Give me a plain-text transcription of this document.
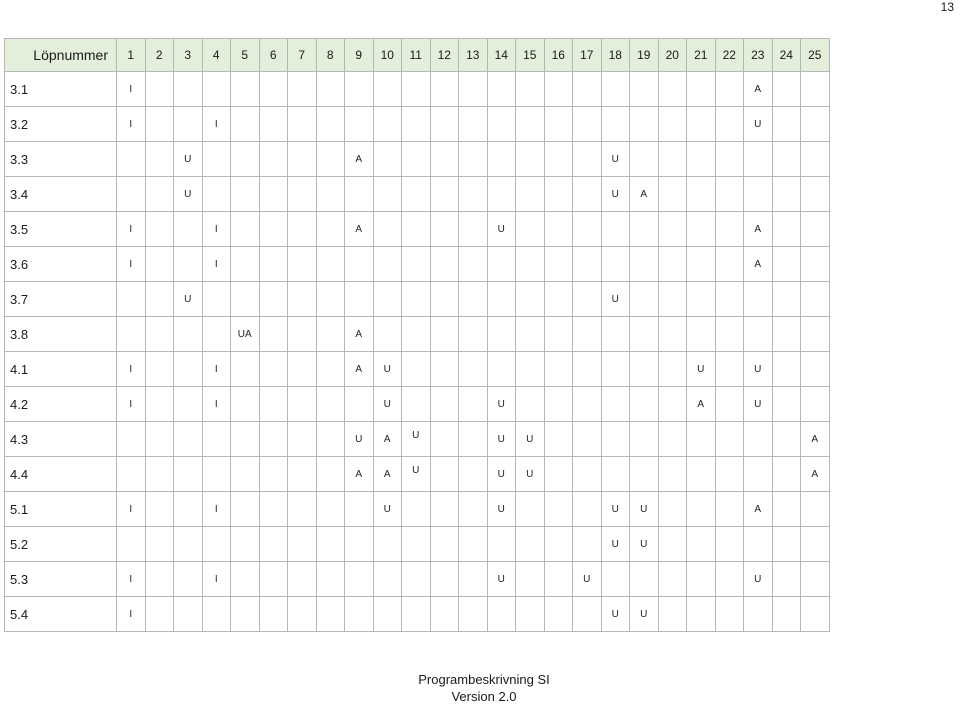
13
Löpnummer	1	2	3	4	5	6	7	8	9	10	11	12	13	14	15	16	17	18	19	20	21	22	23	24	25
3.1	I																						A		
3.2	I			I																			U		
3.3			U						A									U							
3.4			U															U	A						
3.5	I			I					A					U									A		
3.6	I			I																			A		
3.7			U															U							
3.8					UA				A																
4.1	I			I					A	U											U		U		
4.2	I			I						U				U							A		U		
4.3									U	A	U			U	U										A
4.4									A	A	U			U	U										A
5.1	I			I						U				U				U	U				A		
5.2																		U	U						
5.3	I			I										U			U						U		
5.4	I																	U	U						
Programbeskrivning SI
Version 2.0
